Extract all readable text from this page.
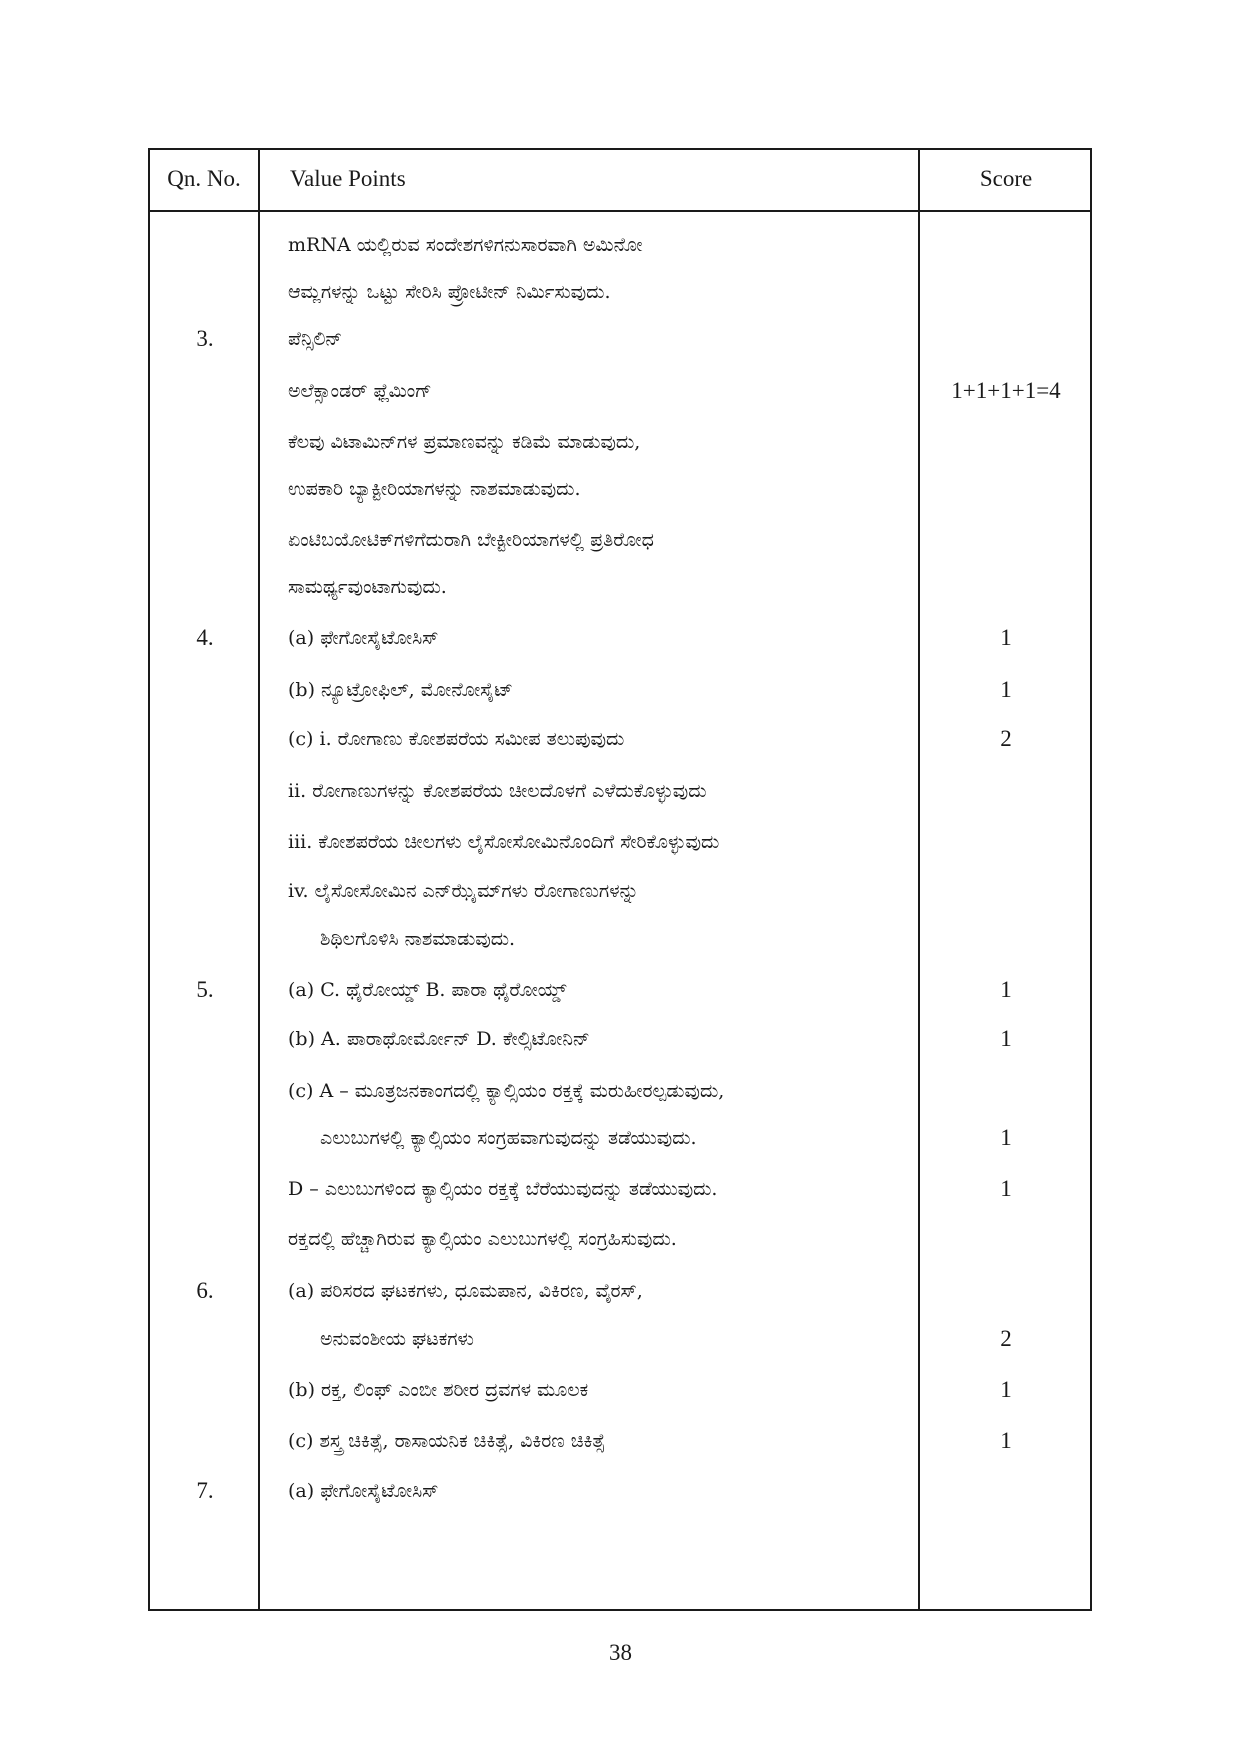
Qn. No.	Value Points	Score
mRNA ಯಲ್ಲಿರುವ ಸಂದೇಶಗಳಿಗನುಸಾರವಾಗಿ ಅಮಿನೋ
ಆಮ್ಲಗಳನ್ನು ಒಟ್ಟು ಸೇರಿಸಿ ಪ್ರೋಟೀನ್ ನಿರ್ಮಿಸುವುದು.
3.	ಪೆನ್ಸಿಲಿನ್
ಅಲೆಕ್ಸಾಂಡರ್ ಫ್ಲೆಮಿಂಗ್	1+1+1+1=4
ಕೆಲವು ವಿಟಾಮಿನ್‌ಗಳ ಪ್ರಮಾಣವನ್ನು ಕಡಿಮೆ ಮಾಡುವುದು,
ಉಪಕಾರಿ ಬ್ಯಾಕ್ಟೀರಿಯಾಗಳನ್ನು ನಾಶಮಾಡುವುದು.
ಏಂಟಿಬಯೋಟಿಕ್‌ಗಳಿಗೆದುರಾಗಿ ಬೇಕ್ಟೀರಿಯಾಗಳಲ್ಲಿ ಪ್ರತಿರೋಧ
ಸಾಮರ್ಥ್ಯವುಂಟಾಗುವುದು.
4.	(a) ಫೇಗೋಸೈಟೋಸಿಸ್	1
(b) ನ್ಯೂಟ್ರೋಫಿಲ್, ಮೋನೋಸೈಟ್	1
(c) i. ರೋಗಾಣು ಕೋಶಪರೆಯ ಸಮೀಪ ತಲುಪುವುದು	2
ii. ರೋಗಾಣುಗಳನ್ನು ಕೋಶಪರೆಯ ಚೀಲದೊಳಗೆ ಎಳೆದುಕೊಳ್ಳುವುದು
iii. ಕೋಶಪರೆಯ ಚೀಲಗಳು ಲೈಸೋಸೋಮಿನೊಂದಿಗೆ ಸೇರಿಕೊಳ್ಳುವುದು
iv. ಲೈಸೋಸೋಮಿನ ಎನ್‌ಝೈಮ್‌ಗಳು ರೋಗಾಣುಗಳನ್ನು
ಶಿಥಿಲಗೊಳಿಸಿ ನಾಶಮಾಡುವುದು.
5.	(a) C. ಥೈರೋಯ್ಡ್ B. ಪಾರಾ ಥೈರೋಯ್ಡ್	1
(b) A. ಪಾರಾಥೋರ್ಮೋನ್ D. ಕೇಲ್ಸಿಟೋನಿನ್	1
(c) A – ಮೂತ್ರಜನಕಾಂಗದಲ್ಲಿ ಕ್ಯಾಲ್ಸಿಯಂ ರಕ್ತಕ್ಕೆ ಮರುಹೀರಲ್ಪಡುವುದು,
ಎಲುಬುಗಳಲ್ಲಿ ಕ್ಯಾಲ್ಸಿಯಂ ಸಂಗ್ರಹವಾಗುವುದನ್ನು ತಡೆಯುವುದು.	1
D – ಎಲುಬುಗಳಿಂದ ಕ್ಯಾಲ್ಸಿಯಂ ರಕ್ತಕ್ಕೆ ಬೆರೆಯುವುದನ್ನು ತಡೆಯುವುದು.	1
ರಕ್ತದಲ್ಲಿ ಹೆಚ್ಚಾಗಿರುವ ಕ್ಯಾಲ್ಸಿಯಂ ಎಲುಬುಗಳಲ್ಲಿ ಸಂಗ್ರಹಿಸುವುದು.
6.	(a) ಪರಿಸರದ ಘಟಕಗಳು, ಧೂಮಪಾನ, ವಿಕಿರಣ, ವೈರಸ್,
ಅನುವಂಶೀಯ ಘಟಕಗಳು	2
(b) ರಕ್ತ, ಲಿಂಫ್ ಎಂಬೀ ಶರೀರ ದ್ರವಗಳ ಮೂಲಕ	1
(c) ಶಸ್ತ್ರ ಚಿಕಿತ್ಸೆ, ರಾಸಾಯನಿಕ ಚಿಕಿತ್ಸೆ, ವಿಕಿರಣ ಚಿಕಿತ್ಸೆ	1
7.	(a) ಫೇಗೋಸೈಟೋಸಿಸ್
38
